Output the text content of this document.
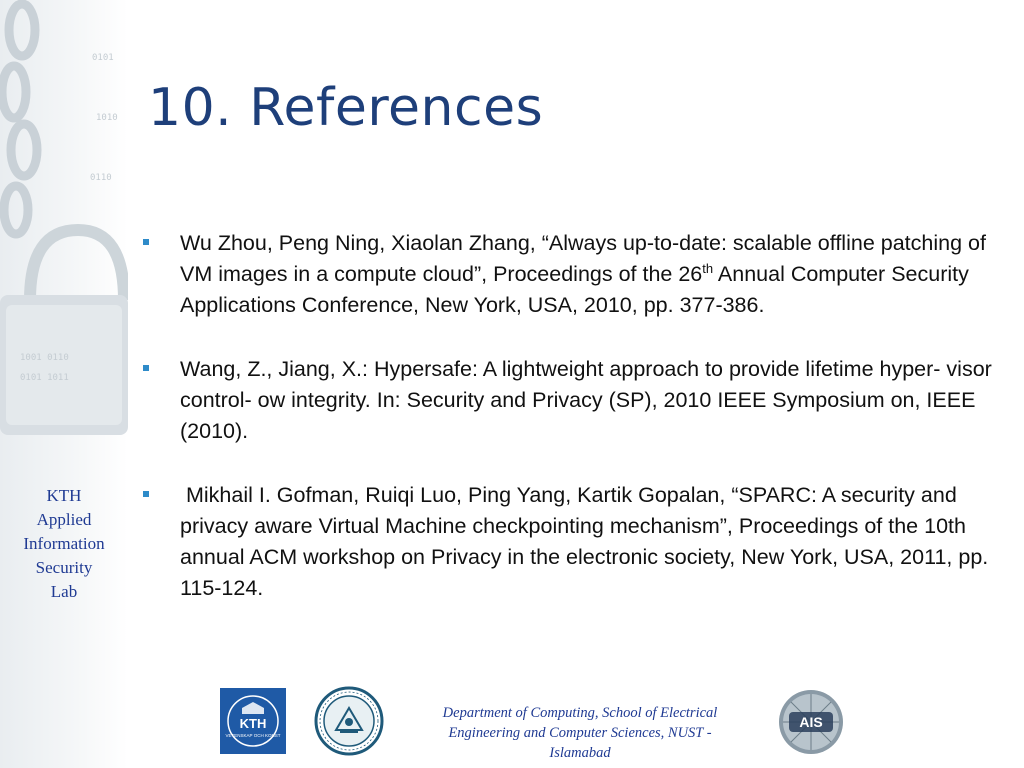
0101
1010
0110
1001 0110
0101 1011
KTH
Applied
Information
Security
Lab
10. References
Wu Zhou, Peng Ning, Xiaolan Zhang, “Always up-to-date: scalable offline patching of VM images in a compute cloud”, Proceedings of the 26th Annual Computer Security Applications Conference, New York, USA, 2010, pp. 377-386.
Wang, Z., Jiang, X.: Hypersafe: A lightweight approach to provide lifetime hyper- visor control- ow integrity. In: Security and Privacy (SP), 2010 IEEE Symposium on, IEEE (2010).
Mikhail I. Gofman, Ruiqi Luo, Ping Yang, Kartik Gopalan, “SPARC: A security and privacy aware Virtual Machine checkpointing mechanism”, Proceedings of the 10th annual ACM workshop on Privacy in the electronic society, New York, USA, 2011, pp. 115-124.
KTH
VETENSKAP OCH KONST
Department of Computing, School of Electrical
Engineering and Computer Sciences, NUST -
Islamabad
AIS
